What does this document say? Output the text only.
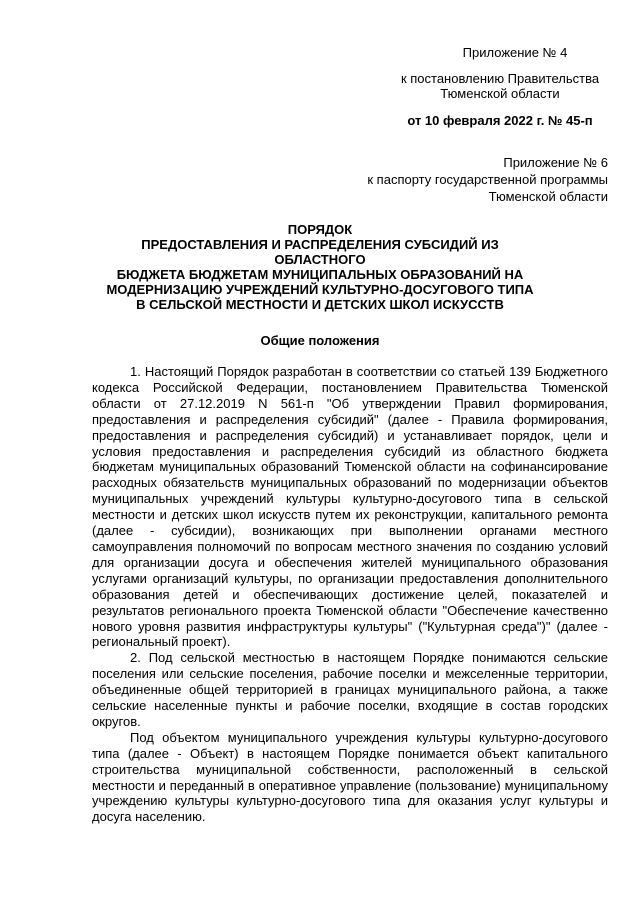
Приложение № 4
к постановлению Правительства
Тюменской области
от 10 февраля 2022 г. № 45-п
Приложение № 6
к паспорту государственной программы
Тюменской области
ПОРЯДОК
ПРЕДОСТАВЛЕНИЯ И РАСПРЕДЕЛЕНИЯ СУБСИДИЙ ИЗ
ОБЛАСТНОГО
БЮДЖЕТА БЮДЖЕТАМ МУНИЦИПАЛЬНЫХ ОБРАЗОВАНИЙ НА
МОДЕРНИЗАЦИЮ УЧРЕЖДЕНИЙ КУЛЬТУРНО-ДОСУГОВОГО ТИПА
В СЕЛЬСКОЙ МЕСТНОСТИ И ДЕТСКИХ ШКОЛ ИСКУССТВ
Общие положения

1. Настоящий Порядок разработан в соответствии со статьей 139 Бюджетного кодекса Российской Федерации, постановлением Правительства Тюменской области от 27.12.2019 N 561-п "Об утверждении Правил формирования, предоставления и распределения субсидий" (далее - Правила формирования, предоставления и распределения субсидий) и устанавливает порядок, цели и условия предоставления и распределения субсидий из областного бюджета бюджетам муниципальных образований Тюменской области на софинансирование расходных обязательств муниципальных образований по модернизации объектов муниципальных учреждений культуры культурно-досугового типа в сельской местности и детских школ искусств путем их реконструкции, капитального ремонта (далее - субсидии), возникающих при выполнении органами местного самоуправления полномочий по вопросам местного значения по созданию условий для организации досуга и обеспечения жителей муниципального образования услугами организаций культуры, по организации предоставления дополнительного образования детей и обеспечивающих достижение целей, показателей и результатов регионального проекта Тюменской области "Обеспечение качественно нового уровня развития инфраструктуры культуры" ("Культурная среда")" (далее - региональный проект).

2. Под сельской местностью в настоящем Порядке понимаются сельские поселения или сельские поселения, рабочие поселки и межселенные территории, объединенные общей территорией в границах муниципального района, а также сельские населенные пункты и рабочие поселки, входящие в состав городских округов.

Под объектом муниципального учреждения культуры культурно-досугового типа (далее - Объект) в настоящем Порядке понимается объект капитального строительства муниципальной собственности, расположенный в сельской местности и переданный в оперативное управление (пользование) муниципальному учреждению культуры культурно-досугового типа для оказания услуг культуры и досуга населению.
